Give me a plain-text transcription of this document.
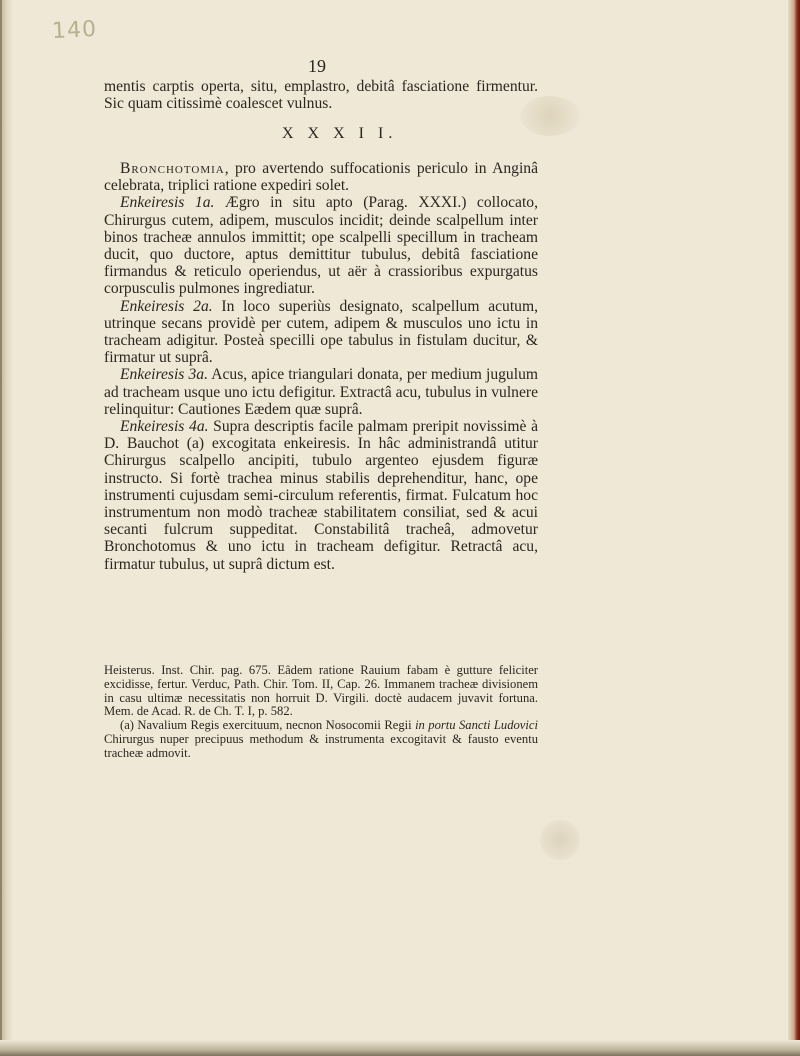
140
19

mentis carptis operta, situ, emplastro, debitâ fasciatione firmentur. Sic quam citissimè coalescet vulnus.

X X X I I.

Bronchotomia, pro avertendo suffocationis periculo in Anginâ celebrata, triplici ratione expediri solet.

Enkeiresis 1a. Ægro in situ apto (Parag. XXXI.) collocato, Chirurgus cutem, adipem, musculos incidit; deinde scalpellum inter binos tracheæ annulos immittit; ope scalpelli specillum in tracheam ducit, quo ductore, aptus demittitur tubulus, debitâ fasciatione firmandus & reticulo operiendus, ut aër à crassioribus expurgatus corpusculis pulmones ingrediatur.

Enkeiresis 2a. In loco superiùs designato, scalpellum acutum, utrinque secans providè per cutem, adipem & musculos uno ictu in tracheam adigitur. Posteà specilli ope tabulus in fistulam ducitur, & firmatur ut suprâ.

Enkeiresis 3a. Acus, apice triangulari donata, per medium jugulum ad tracheam usque uno ictu defigitur. Extractâ acu, tubulus in vulnere relinquitur: Cautiones Eædem quæ suprâ.

Enkeiresis 4a. Supra descriptis facile palmam preripit novissimè à D. Bauchot (a) excogitata enkeiresis. In hâc administrandâ utitur Chirurgus scalpello ancipiti, tubulo argenteo ejusdem figuræ instructo. Si fortè trachea minus stabilis deprehenditur, hanc, ope instrumenti cujusdam semi-circulum referentis, firmat. Fulcatum hoc instrumentum non modò tracheæ stabilitatem consiliat, sed & acui secanti fulcrum suppeditat. Constabilitâ tracheâ, admovetur Bronchotomus & uno ictu in tracheam defigitur. Retractâ acu, firmatur tubulus, ut suprâ dictum est.

Heisterus. Inst. Chir. pag. 675. Eâdem ratione Rauium fabam è gutture feliciter excidisse, fertur. Verduc, Path. Chir. Tom. II, Cap. 26. Immanem tracheæ divisionem in casu ultimæ necessitatis non horruit D. Virgili. doctè audacem juvavit fortuna. Mem. de Acad. R. de Ch. T. I, p. 582.

(a) Navalium Regis exercituum, necnon Nosocomii Regii in portu Sancti Ludovici Chirurgus nuper precipuus methodum & instrumenta excogitavit & fausto eventu tracheæ admovit.
